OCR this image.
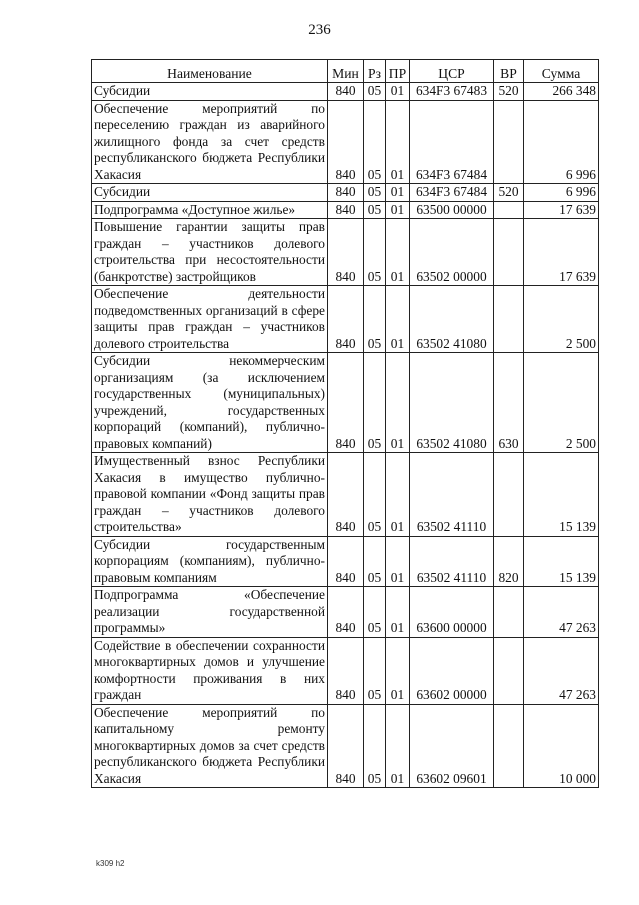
236
Наименование	Мин	Рз	ПР	ЦСР	ВР	Сумма
Субсидии	840	05	01	634F3 67483	520	266 348
Обеспечение мероприятий по переселению граждан из аварийного жилищного фонда за счет средств республиканского бюджета Республики Хакасия	840	05	01	634F3 67484		6 996
Субсидии	840	05	01	634F3 67484	520	6 996
Подпрограмма «Доступное жилье»	840	05	01	63500 00000		17 639
Повышение гарантии защиты прав граждан – участников долевого строительства при несостоятельности (банкротстве) застройщиков	840	05	01	63502 00000		17 639
Обеспечение деятельности подведомственных организаций в сфере защиты прав граждан – участников долевого строительства	840	05	01	63502 41080		2 500
Субсидии некоммерческим организациям (за исключением государственных (муниципальных) учреждений, государственных корпораций (компаний), публично-правовых компаний)	840	05	01	63502 41080	630	2 500
Имущественный взнос Республики Хакасия в имущество публично-правовой компании «Фонд защиты прав граждан – участников долевого строительства»	840	05	01	63502 41110		15 139
Субсидии государственным корпорациям (компаниям), публично-правовым компаниям	840	05	01	63502 41110	820	15 139
Подпрограмма «Обеспечение реализации государственной программы»	840	05	01	63600 00000		47 263
Содействие в обеспечении сохранности многоквартирных домов и улучшение комфортности проживания в них граждан	840	05	01	63602 00000		47 263
Обеспечение мероприятий по капитальному ремонту многоквартирных домов за счет средств республиканского бюджета Республики Хакасия	840	05	01	63602 09601		10 000
k309 h2
